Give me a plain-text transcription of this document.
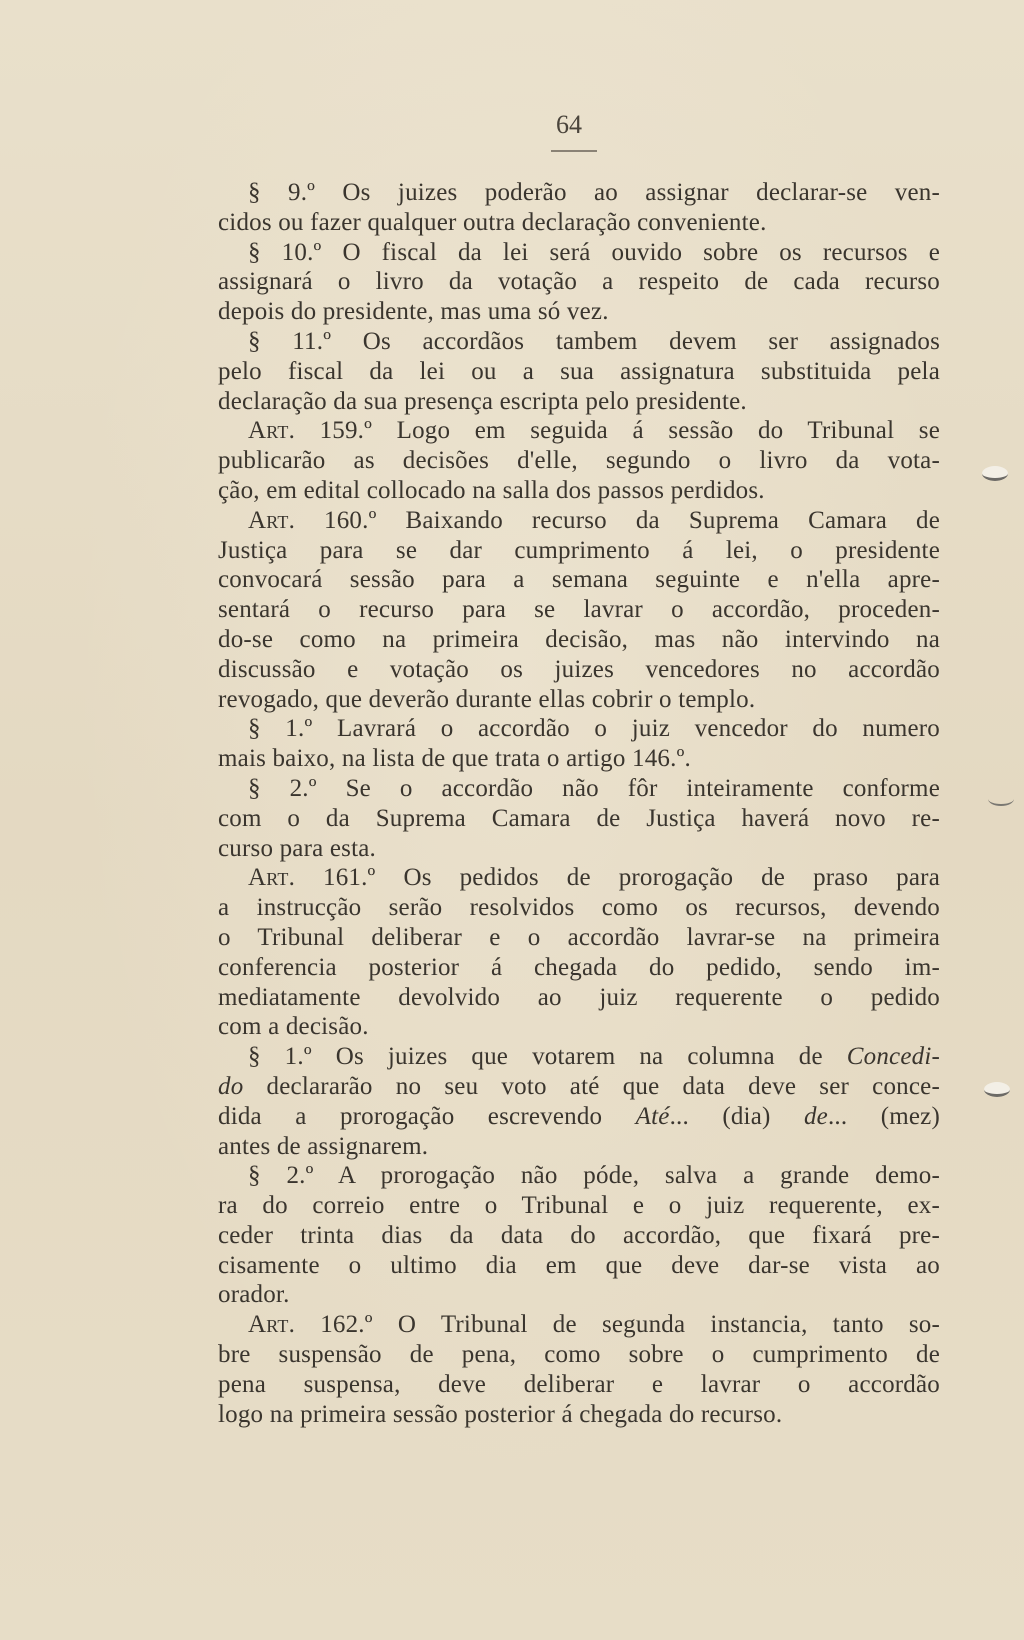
64
§ 9.º Os juizes poderão ao assignar declarar-se ven-
cidos ou fazer qualquer outra declaração conveniente.
§ 10.º O fiscal da lei será ouvido sobre os recursos e
assignará o livro da votação a respeito de cada recurso
depois do presidente, mas uma só vez.
§ 11.º Os accordãos tambem devem ser assignados
pelo fiscal da lei ou a sua assignatura substituida pela
declaração da sua presença escripta pelo presidente.
Art. 159.º Logo em seguida á sessão do Tribunal se
publicarão as decisões d'elle, segundo o livro da vota-
ção, em edital collocado na salla dos passos perdidos.
Art. 160.º Baixando recurso da Suprema Camara de
Justiça para se dar cumprimento á lei, o presidente
convocará sessão para a semana seguinte e n'ella apre-
sentará o recurso para se lavrar o accordão, proceden-
do-se como na primeira decisão, mas não intervindo na
discussão e votação os juizes vencedores no accordão
revogado, que deverão durante ellas cobrir o templo.
§ 1.º Lavrará o accordão o juiz vencedor do numero
mais baixo, na lista de que trata o artigo 146.º.
§ 2.º Se o accordão não fôr inteiramente conforme
com o da Suprema Camara de Justiça haverá novo re-
curso para esta.
Art. 161.º Os pedidos de prorogação de praso para
a instrucção serão resolvidos como os recursos, devendo
o Tribunal deliberar e o accordão lavrar-se na primeira
conferencia posterior á chegada do pedido, sendo im-
mediatamente devolvido ao juiz requerente o pedido
com a decisão.
§ 1.º Os juizes que votarem na columna de Concedi-
do declararão no seu voto até que data deve ser conce-
dida a prorogação escrevendo Até... (dia) de... (mez)
antes de assignarem.
§ 2.º A prorogação não póde, salva a grande demo-
ra do correio entre o Tribunal e o juiz requerente, ex-
ceder trinta dias da data do accordão, que fixará pre-
cisamente o ultimo dia em que deve dar-se vista ao
orador.
Art. 162.º O Tribunal de segunda instancia, tanto so-
bre suspensão de pena, como sobre o cumprimento de
pena suspensa, deve deliberar e lavrar o accordão
logo na primeira sessão posterior á chegada do recurso.
